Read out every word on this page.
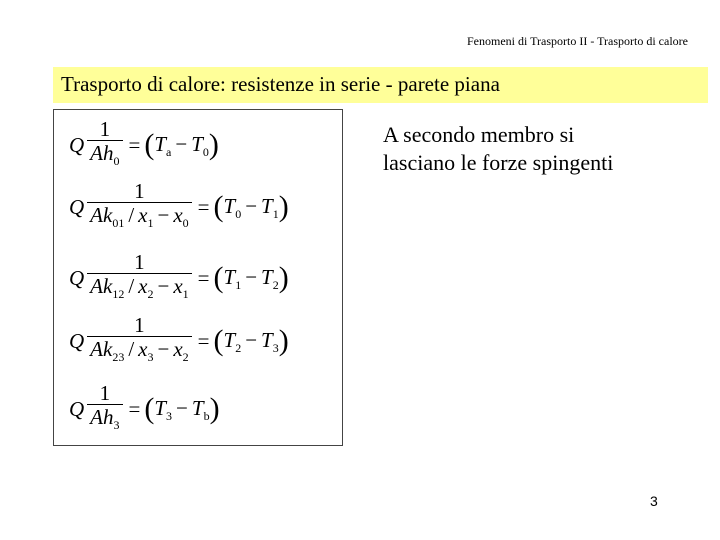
Fenomeni di Trasporto II - Trasporto di calore
Trasporto di calore: resistenze in serie - parete piana
Q $\frac{1}{Ah_0}$ = ( $T_a - T_0$ )
Q $\frac{1}{Ak_{01} / x_1 - x_0}$ = ( $T_0 - T_1$ )
Q $\frac{1}{Ak_{12} / x_2 - x_1}$ = ( $T_1 - T_2$ )
Q $\frac{1}{Ak_{23} / x_3 - x_2}$ = ( $T_2 - T_3$ )
Q $\frac{1}{Ah_3}$ = ( $T_3 - T_b$ )
A secondo membro si
lasciano le forze spingenti
3
